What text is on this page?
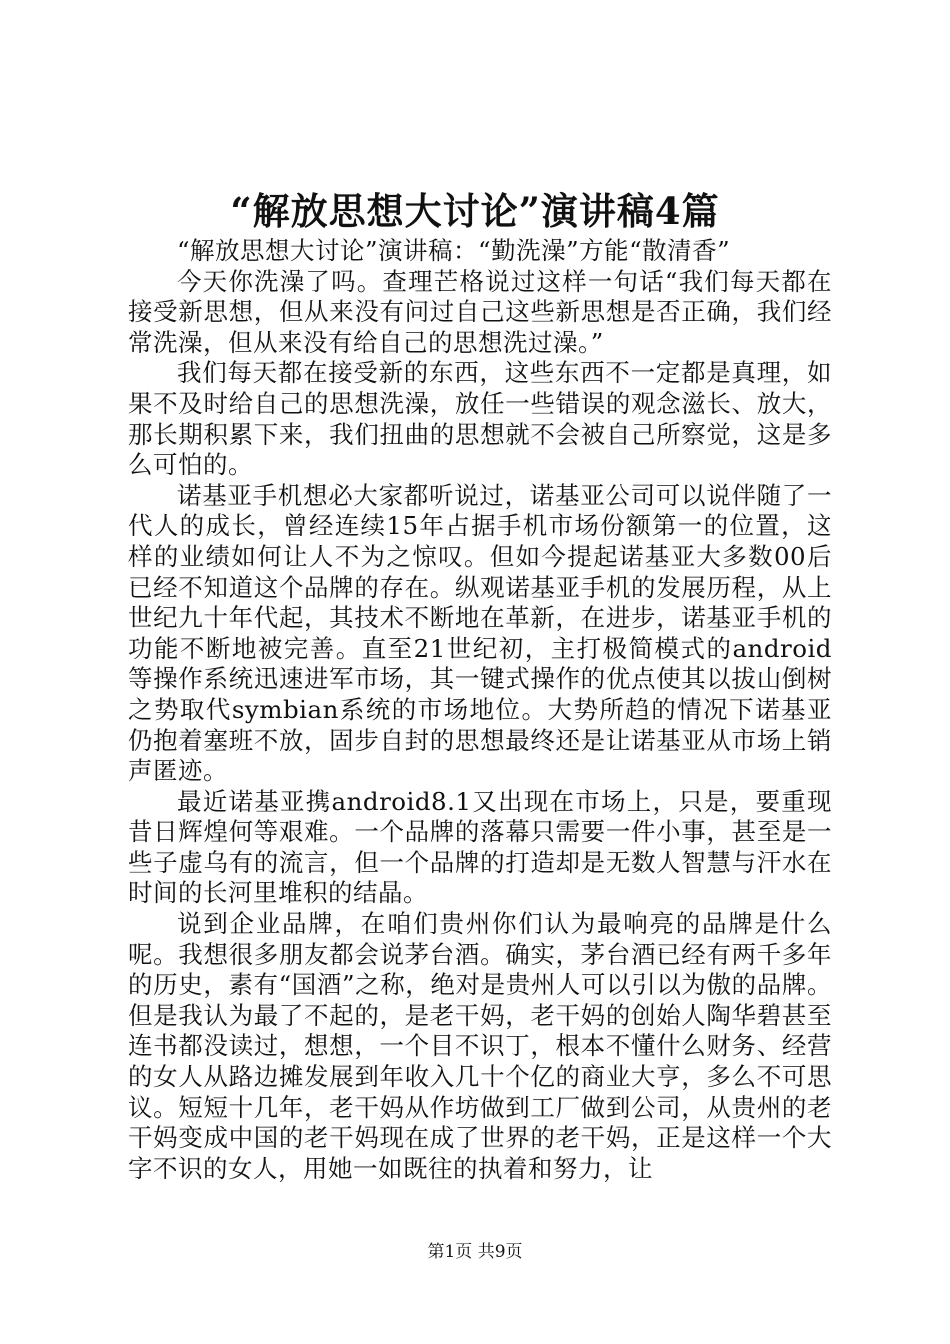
“解放思想大讨论”演讲稿4篇

“解放思想大讨论”演讲稿：“勤洗澡”方能“散清香”

今天你洗澡了吗。查理芒格说过这样一句话“我们每天都在接受新思想，但从来没有问过自己这些新思想是否正确，我们经常洗澡，但从来没有给自己的思想洗过澡。”

我们每天都在接受新的东西，这些东西不一定都是真理，如果不及时给自己的思想洗澡，放任一些错误的观念滋长、放大，那长期积累下来，我们扭曲的思想就不会被自己所察觉，这是多么可怕的。

诺基亚手机想必大家都听说过，诺基亚公司可以说伴随了一代人的成长，曾经连续15年占据手机市场份额第一的位置，这样的业绩如何让人不为之惊叹。但如今提起诺基亚大多数00后已经不知道这个品牌的存在。纵观诺基亚手机的发展历程，从上世纪九十年代起，其技术不断地在革新，在进步，诺基亚手机的功能不断地被完善。直至21世纪初，主打极简模式的android等操作系统迅速进军市场，其一键式操作的优点使其以拔山倒树之势取代symbian系统的市场地位。大势所趋的情况下诺基亚仍抱着塞班不放，固步自封的思想最终还是让诺基亚从市场上销声匿迹。

最近诺基亚携android8.1又出现在市场上，只是，要重现昔日辉煌何等艰难。一个品牌的落幕只需要一件小事，甚至是一些子虚乌有的流言，但一个品牌的打造却是无数人智慧与汗水在时间的长河里堆积的结晶。

说到企业品牌，在咱们贵州你们认为最响亮的品牌是什么呢。我想很多朋友都会说茅台酒。确实，茅台酒已经有两千多年的历史，素有“国酒”之称，绝对是贵州人可以引以为傲的品牌。但是我认为最了不起的，是老干妈，老干妈的创始人陶华碧甚至连书都没读过，想想，一个目不识丁，根本不懂什么财务、经营的女人从路边摊发展到年收入几十个亿的商业大亨，多么不可思议。短短十几年，老干妈从作坊做到工厂做到公司，从贵州的老干妈变成中国的老干妈现在成了世界的老干妈，正是这样一个大字不识的女人，用她一如既往的执着和努力，让

第1页 共9页
